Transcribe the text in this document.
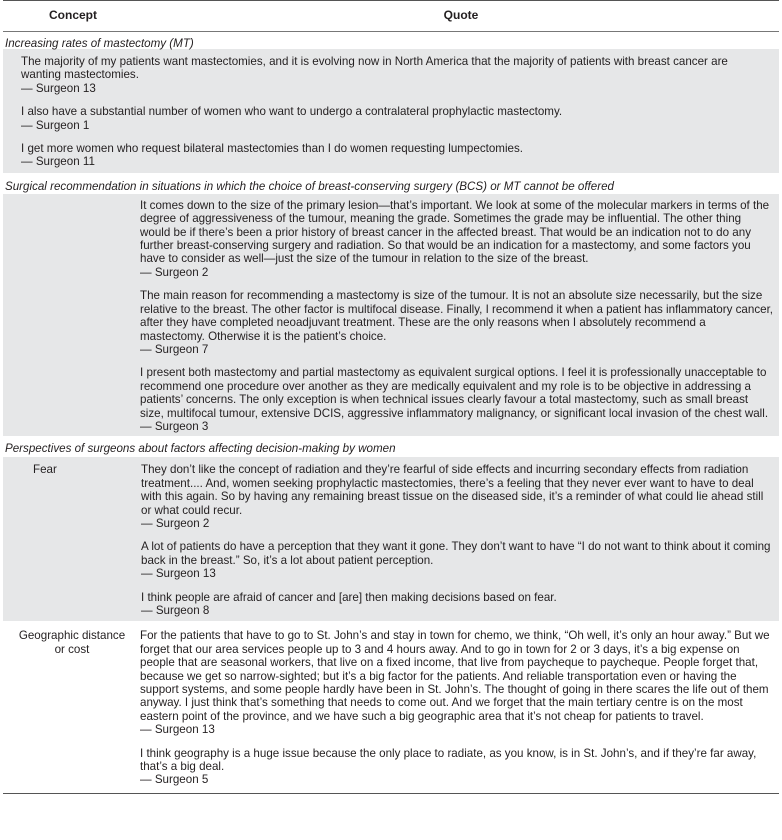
Concept	Quote
Increasing rates of mastectomy (MT)
The majority of my patients want mastectomies, and it is evolving now in North America that the majority of patients with breast cancer are wanting mastectomies.
— Surgeon 13
I also have a substantial number of women who want to undergo a contralateral prophylactic mastectomy.
— Surgeon 1
I get more women who request bilateral mastectomies than I do women requesting lumpectomies.
— Surgeon 11
Surgical recommendation in situations in which the choice of breast-conserving surgery (BCS) or MT cannot be offered
It comes down to the size of the primary lesion—that’s important. We look at some of the molecular markers in terms of the degree of aggressiveness of the tumour, meaning the grade. Sometimes the grade may be influential. The other thing would be if there’s been a prior history of breast cancer in the affected breast. That would be an indication not to do any further breast-conserving surgery and radiation. So that would be an indication for a mastectomy, and some factors you have to consider as well—just the size of the tumour in relation to the size of the breast.
— Surgeon 2
The main reason for recommending a mastectomy is size of the tumour. It is not an absolute size necessarily, but the size relative to the breast. The other factor is multifocal disease. Finally, I recommend it when a patient has inflammatory cancer, after they have completed neoadjuvant treatment. These are the only reasons when I absolutely recommend a mastectomy. Otherwise it is the patient’s choice.
— Surgeon 7
I present both mastectomy and partial mastectomy as equivalent surgical options. I feel it is professionally unacceptable to recommend one procedure over another as they are medically equivalent and my role is to be objective in addressing a patients’ concerns. The only exception is when technical issues clearly favour a total mastectomy, such as small breast size, multifocal tumour, extensive DCIS, aggressive inflammatory malignancy, or significant local invasion of the chest wall.
— Surgeon 3
Perspectives of surgeons about factors affecting decision-making by women
Fear	They don’t like the concept of radiation and they’re fearful of side effects and incurring secondary effects from radiation treatment.... And, women seeking prophylactic mastectomies, there’s a feeling that they never ever want to have to deal with this again. So by having any remaining breast tissue on the diseased side, it’s a reminder of what could lie ahead still or what could recur.
— Surgeon 2
A lot of patients do have a perception that they want it gone. They don’t want to have “I do not want to think about it coming back in the breast.” So, it’s a lot about patient perception.
— Surgeon 13
I think people are afraid of cancer and [are] then making decisions based on fear.
— Surgeon 8
Geographic distance or cost
For the patients that have to go to St. John’s and stay in town for chemo, we think, “Oh well, it’s only an hour away.” But we forget that our area services people up to 3 and 4 hours away. And to go in town for 2 or 3 days, it’s a big expense on people that are seasonal workers, that live on a fixed income, that live from paycheque to paycheque. People forget that, because we get so narrow-sighted; but it’s a big factor for the patients. And reliable transportation even or having the support systems, and some people hardly have been in St. John’s. The thought of going in there scares the life out of them anyway. I just think that’s something that needs to come out. And we forget that the main tertiary centre is on the most eastern point of the province, and we have such a big geographic area that it’s not cheap for patients to travel.
— Surgeon 13
I think geography is a huge issue because the only place to radiate, as you know, is in St. John’s, and if they’re far away, that’s a big deal.
— Surgeon 5
